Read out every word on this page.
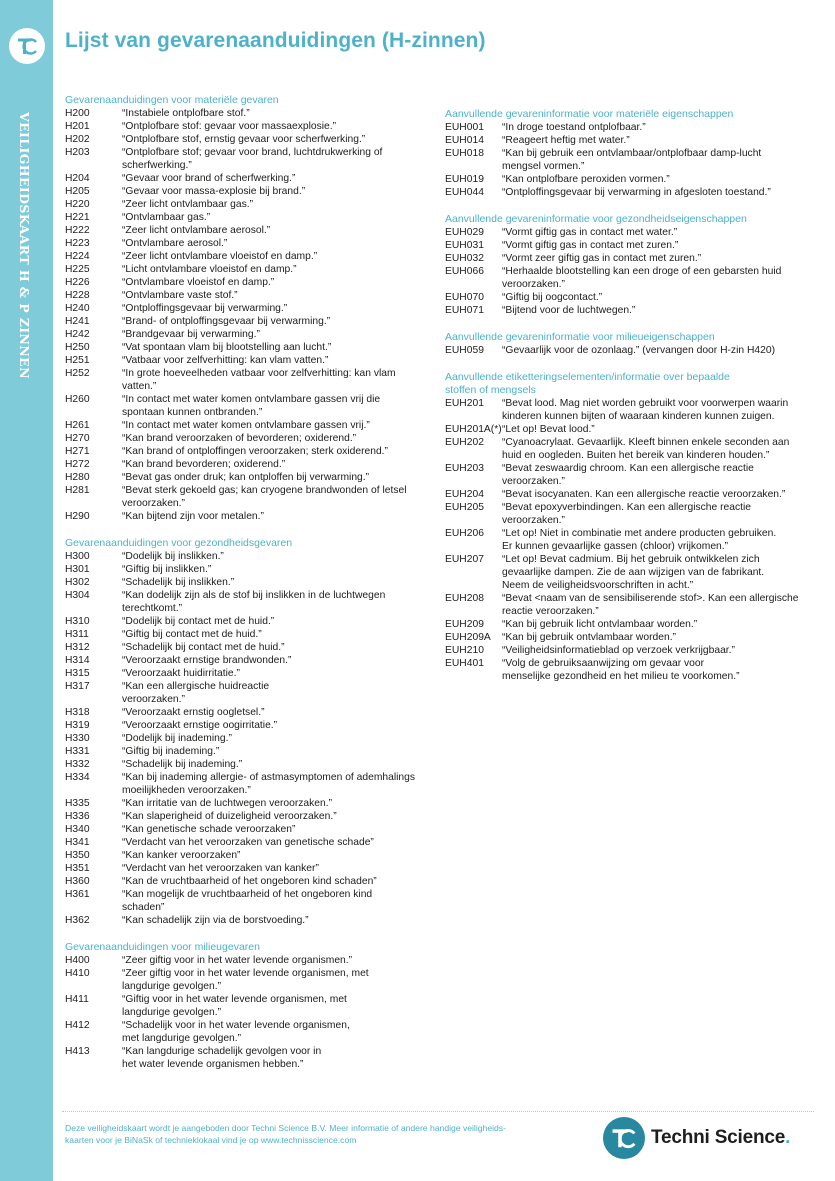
VEILIGHEIDSKAART H & P ZINNEN
Lijst van gevarenaanduidingen (H-zinnen)
Gevarenaanduidingen voor materiële gevaren
H200	“Instabiele ontplofbare stof.”
H201	“Ontplofbare stof: gevaar voor massaexplosie.”
H202	“Ontplofbare stof, ernstig gevaar voor scherfwerking.”
H203	“Ontplofbare stof; gevaar voor brand, luchtdrukwerking of
scherfwerking.”
H204	“Gevaar voor brand of scherfwerking.”
H205	“Gevaar voor massa-explosie bij brand.”
H220	“Zeer licht ontvlambaar gas.”
H221	“Ontvlambaar gas.”
H222	“Zeer licht ontvlambare aerosol.”
H223	“Ontvlambare aerosol.”
H224	“Zeer licht ontvlambare vloeistof en damp.”
H225	“Licht ontvlambare vloeistof en damp.”
H226	“Ontvlambare vloeistof en damp.”
H228	“Ontvlambare vaste stof.”
H240	“Ontploffingsgevaar bij verwarming.”
H241	“Brand- of ontploffingsgevaar bij verwarming.”
H242	“Brandgevaar bij verwarming.”
H250	“Vat spontaan vlam bij blootstelling aan lucht.”
H251	“Vatbaar voor zelfverhitting: kan vlam vatten.”
H252	“In grote hoeveelheden vatbaar voor zelfverhitting: kan vlam
vatten.”
H260	“In contact met water komen ontvlambare gassen vrij die
spontaan kunnen ontbranden.”
H261	“In contact met water komen ontvlambare gassen vrij.”
H270	“Kan brand veroorzaken of bevorderen; oxiderend.”
H271	“Kan brand of ontploffingen veroorzaken; sterk oxiderend.”
H272	“Kan brand bevorderen; oxiderend.”
H280	“Bevat gas onder druk; kan ontploffen bij verwarming.”
H281	“Bevat sterk gekoeld gas; kan cryogene brandwonden of letsel
veroorzaken.”
H290	“Kan bijtend zijn voor metalen.”
Gevarenaanduidingen voor gezondheidsgevaren
H300	“Dodelijk bij inslikken.”
H301	“Giftig bij inslikken.”
H302	“Schadelijk bij inslikken.”
H304	“Kan dodelijk zijn als de stof bij inslikken in de luchtwegen
terechtkomt.”
H310	“Dodelijk bij contact met de huid.”
H311	“Giftig bij contact met de huid.”
H312	“Schadelijk bij contact met de huid.”
H314	“Veroorzaakt ernstige brandwonden.”
H315	“Veroorzaakt huidirritatie.”
H317	“Kan een allergische huidreactie
veroorzaken.”
H318	“Veroorzaakt ernstig oogletsel.”
H319	“Veroorzaakt ernstige oogirritatie.”
H330	“Dodelijk bij inademing.”
H331	“Giftig bij inademing.”
H332	“Schadelijk bij inademing.”
H334	“Kan bij inademing allergie- of astmasymptomen of ademhalings
moeilijkheden veroorzaken.”
H335	“Kan irritatie van de luchtwegen veroorzaken.”
H336	“Kan slaperigheid of duizeligheid veroorzaken.”
H340	“Kan genetische schade veroorzaken”
H341	“Verdacht van het veroorzaken van genetische schade”
H350	“Kan kanker veroorzaken”
H351	“Verdacht van het veroorzaken van kanker”
H360	“Kan de vruchtbaarheid of het ongeboren kind schaden”
H361	“Kan mogelijk de vruchtbaarheid of het ongeboren kind
schaden”
H362	“Kan schadelijk zijn via de borstvoeding.”
Gevarenaanduidingen voor milieugevaren
H400	“Zeer giftig voor in het water levende organismen.”
H410	“Zeer giftig voor in het water levende organismen, met
langdurige gevolgen.”
H411	“Giftig voor in het water levende organismen, met
langdurige gevolgen.”
H412	“Schadelijk voor in het water levende organismen,
met langdurige gevolgen.”
H413	“Kan langdurige schadelijk gevolgen voor in
het water levende organismen hebben.”
Aanvullende gevareninformatie voor materiële eigenschappen
EUH001	“In droge toestand ontplofbaar.”
EUH014	“Reageert heftig met water.”
EUH018	“Kan bij gebruik een ontvlambaar/ontplofbaar damp-lucht
mengsel vormen.”
EUH019	“Kan ontplofbare peroxiden vormen.”
EUH044	“Ontploffingsgevaar bij verwarming in afgesloten toestand.”
Aanvullende gevareninformatie voor gezondheidseigenschappen
EUH029	“Vormt giftig gas in contact met water.”
EUH031	“Vormt giftig gas in contact met zuren.”
EUH032	“Vormt zeer giftig gas in contact met zuren.”
EUH066	“Herhaalde blootstelling kan een droge of een gebarsten huid
veroorzaken.”
EUH070	“Giftig bij oogcontact.”
EUH071	“Bijtend voor de luchtwegen.”
Aanvullende gevareninformatie voor milieueigenschappen
EUH059	“Gevaarlijk voor de ozonlaag.” (vervangen door H-zin H420)
Aanvullende etiketteringselementen/informatie over bepaalde
stoffen of mengsels
EUH201	“Bevat lood. Mag niet worden gebruikt voor voorwerpen waarin
kinderen kunnen bijten of waaraan kinderen kunnen zuigen.
EUH201A(*) “Let op! Bevat lood.”
EUH202	“Cyanoacrylaat. Gevaarlijk. Kleeft binnen enkele seconden aan
huid en oogleden. Buiten het bereik van kinderen houden.”
EUH203	“Bevat zeswaardig chroom. Kan een allergische reactie
veroorzaken.”
EUH204	“Bevat isocyanaten. Kan een allergische reactie veroorzaken.”
EUH205	“Bevat epoxyverbindingen. Kan een allergische reactie
veroorzaken.”
EUH206	“Let op! Niet in combinatie met andere producten gebruiken.
Er kunnen gevaarlijke gassen (chloor) vrijkomen.”
EUH207	“Let op! Bevat cadmium. Bij het gebruik ontwikkelen zich
gevaarlijke dampen. Zie de aan wijzigen van de fabrikant.
Neem de veiligheidsvoorschriften in acht.”
EUH208	“Bevat <naam van de sensibiliserende stof>. Kan een allergische
reactie veroorzaken.”
EUH209	“Kan bij gebruik licht ontvlambaar worden.”
EUH209A	“Kan bij gebruik ontvlambaar worden.”
EUH210	“Veiligheidsinformatieblad op verzoek verkrijgbaar.”
EUH401	“Volg de gebruiksaanwijzing om gevaar voor
menselijke gezondheid en het milieu te voorkomen.”
Deze veiligheidskaart wordt je aangeboden door Techni Science B.V. Meer informatie of andere handige veiligheids-
kaarten voor je BiNaSk of technieklokaal vind je op www.technisscience.com	Techni Science.
